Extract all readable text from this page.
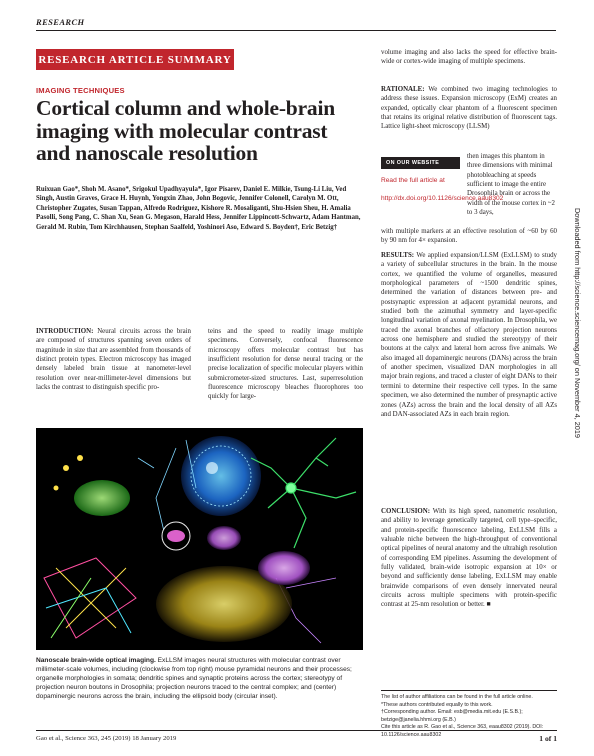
RESEARCH
RESEARCH ARTICLE SUMMARY
IMAGING TECHNIQUES
Cortical column and whole-brain imaging with molecular contrast and nanoscale resolution
Ruixuan Gao*, Shoh M. Asano*, Srigokul Upadhyayula*, Igor Pisarev, Daniel E. Milkie, Tsung-Li Liu, Ved Singh, Austin Graves, Grace H. Huynh, Yongxin Zhao, John Bogovic, Jennifer Colonell, Carolyn M. Ott, Christopher Zugates, Susan Tappan, Alfredo Rodriguez, Kishore R. Mosaliganti, Shu-Hsien Sheu, H. Amalia Pasolli, Song Pang, C. Shan Xu, Sean G. Megason, Harald Hess, Jennifer Lippincott-Schwartz, Adam Hantman, Gerald M. Rubin, Tom Kirchhausen, Stephan Saalfeld, Yoshinori Aso, Edward S. Boyden†, Eric Betzig†
INTRODUCTION: Neural circuits across the brain are composed of structures spanning seven orders of magnitude in size that are assembled from thousands of distinct protein types. Electron microscopy has imaged densely labeled brain tissue at nanometer-level resolution over near-millimeter-level dimensions but lacks the contrast to distinguish specific pro-
teins and the speed to readily image multiple specimens. Conversely, confocal fluorescence microscopy offers molecular contrast but has insufficient resolution for dense neural tracing or the precise localization of specific molecular players within submicrometer-sized structures. Last, superresolution fluorescence microscopy bleaches fluorophores too quickly for large-
Nanoscale brain-wide optical imaging. ExLLSM images neural structures with molecular contrast over millimeter-scale volumes, including (clockwise from top right) mouse pyramidal neurons and their processes; organelle morphologies in somata; dendritic spines and synaptic proteins across the cortex; stereotypy of projection neuron boutons in Drosophila; projection neurons traced to the central complex; and (center) dopaminergic neurons across the brain, including the ellipsoid body (circular inset).
volume imaging and also lacks the speed for effective brain-wide or cortex-wide imaging of multiple specimens.
RATIONALE: We combined two imaging technologies to address these issues. Expansion microscopy (ExM) creates an expanded, optically clear phantom of a fluorescent specimen that retains its original relative distribution of fluorescent tags. Lattice light-sheet microscopy (LLSM)
ON OUR WEBSITE
Read the full article at http://dx.doi.org/10.1126/science.aau8302
then images this phantom in three dimensions with minimal photobleaching at speeds sufficient to image the entire Drosophila brain or across the width of the mouse cortex in ~2 to 3 days,
with multiple markers at an effective resolution of ~60 by 60 by 90 nm for 4× expansion.
RESULTS: We applied expansion/LLSM (ExLLSM) to study a variety of subcellular structures in the brain. In the mouse cortex, we quantified the volume of organelles, measured morphological parameters of ~1500 dendritic spines, determined the variation of distances between pre- and postsynaptic expression at adjacent pyramidal neurons, and studied both the azimuthal symmetry and layer-specific longitudinal variation of axonal myelination. In Drosophila, we traced the axonal branches of olfactory projection neurons across one hemisphere and studied the stereotypy of their boutons at the calyx and lateral horn across five animals. We also imaged all dopaminergic neurons (DANs) across the brain of another specimen, visualized DAN morphologies in all major brain regions, and traced a cluster of eight DANs to their termini to determine their respective cell types. In the same specimen, we also determined the number of presynaptic active zones (AZs) across the brain and the local density of all AZs and DAN-associated AZs in each brain region.
CONCLUSION: With its high speed, nanometric resolution, and ability to leverage genetically targeted, cell type–specific, and protein-specific fluorescence labeling, ExLLSM fills a valuable niche between the high-throughput of conventional optical pipelines of neural anatomy and the ultrahigh resolution of corresponding EM pipelines. Assuming the development of fully validated, brain-wide isotropic expansion at 10× or beyond and sufficiently dense labeling, ExLLSM may enable brainwide comparisons of even densely innervated neural circuits across multiple specimens with protein-specific contrast at 25-nm resolution or better. ■
The list of author affiliations can be found in the full article online.
*These authors contributed equally to this work.
†Corresponding author. Email: esb@media.mit.edu (E.S.B.); betzige@janelia.hhmi.org (E.B.)
Cite this article as R. Gao et al., Science 363, eaau8302 (2019). DOI: 10.1126/science.aau8302
Gao et al., Science 363, 245 (2019) 18 January 2019	1 of 1
Downloaded from http://science.sciencemag.org/ on November 4, 2019
